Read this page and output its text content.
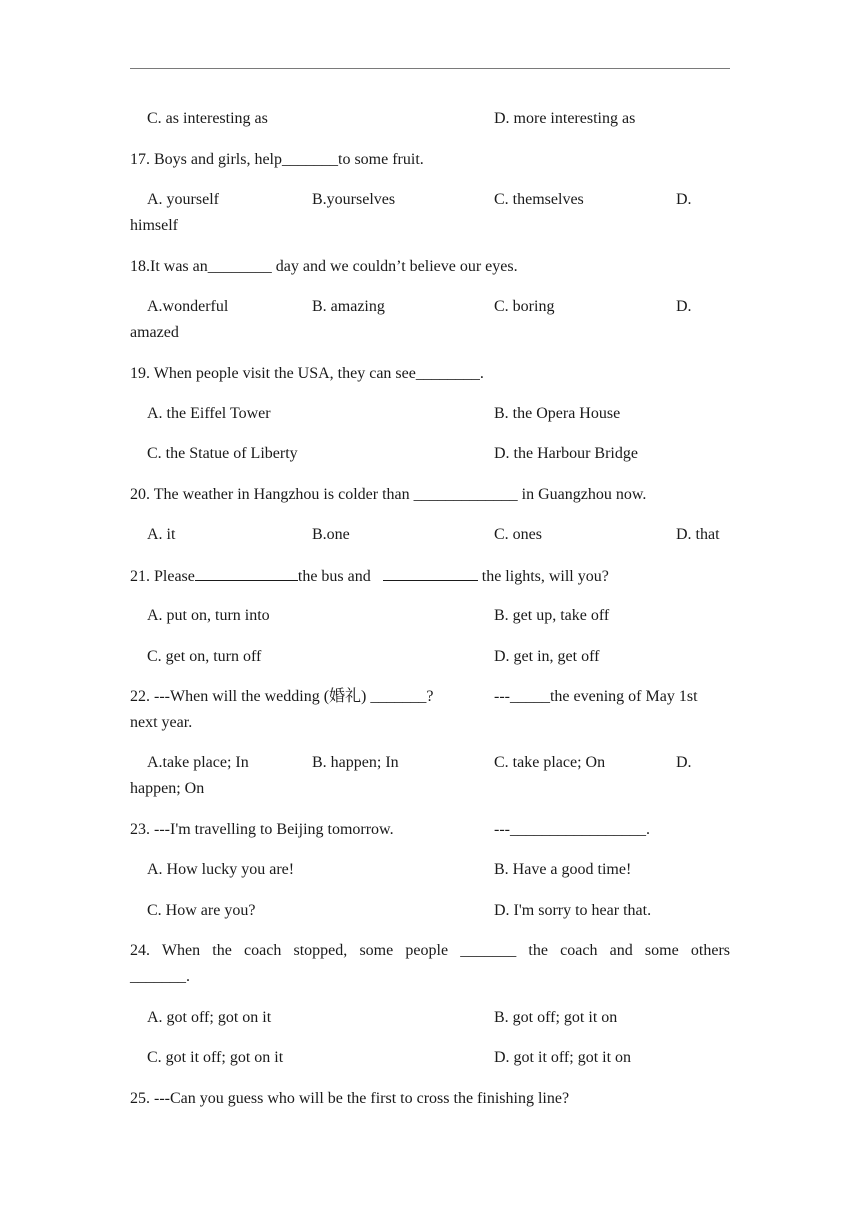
C. as interesting as	D. more interesting as
17. Boys and girls, help_______to some fruit.
A. yourself	B.yourselves	C. themselves	D.
himself
18.It was an________ day and we couldn’t believe our eyes.
A.wonderful	B. amazing	C. boring	D.
amazed
19. When people visit the USA, they can see________.
A. the Eiffel Tower	B. the Opera House
C. the Statue of Liberty	D. the Harbour Bridge
20. The weather in Hangzhou is colder than _____________ in Guangzhou now.
A. it	B.one	C. ones	D. that
21. Please	the bus and	the lights, will you?
A. put on, turn into	B. get up, take off
C. get on, turn off	D. get in, get off
22. ---When will the wedding (婚礼) _______?	---_____the evening of May 1st
next year.
A.take place; In	B. happen; In	C. take place; On	D.
happen; On
23. ---I'm travelling to Beijing tomorrow.	---_________________.
A. How lucky you are!	B. Have a good time!
C. How are you?	D. I'm sorry to hear that.
24. When the coach stopped, some people _______ the coach and some others
_______.
A. got off; got on it	B. got off; got it on
C. got it off; got on it	D. got it off; got it on
25. ---Can you guess who will be the first to cross the finishing line?
